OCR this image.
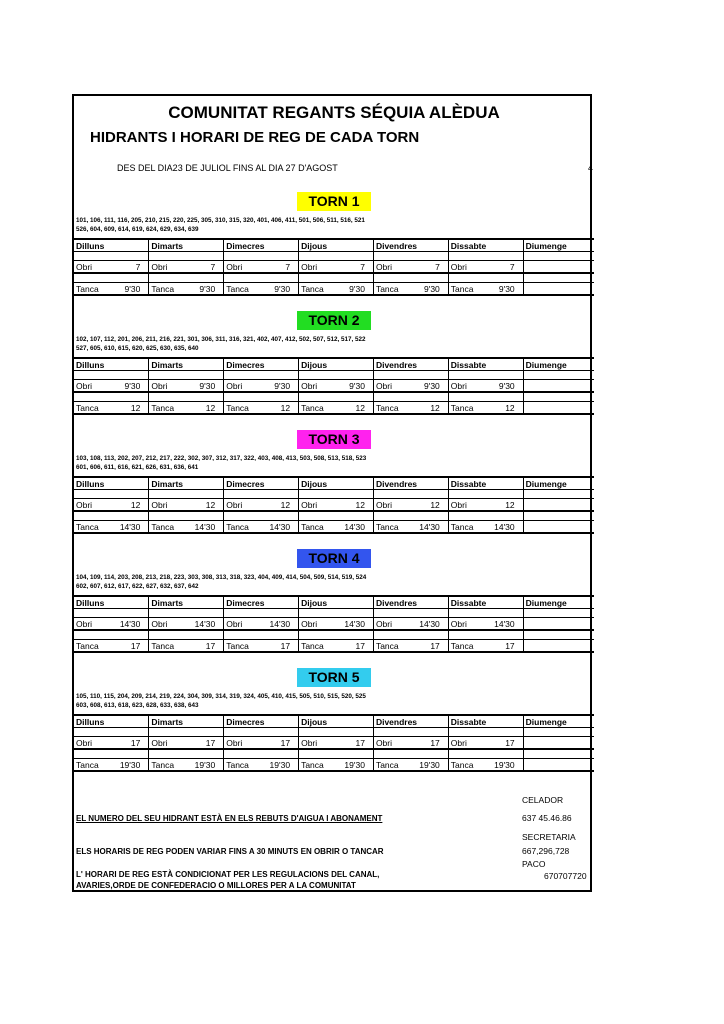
COMUNITAT REGANTS SÉQUIA ALÈDUA
HIDRANTS I HORARI DE REG DE CADA TORN
DES DEL DIA23 DE JULIOL FINS AL DIA 27 D'AGOST	4
TORN 1
101, 106, 111, 116, 205, 210, 215, 220, 225, 305, 310, 315, 320, 401, 406, 411, 501, 506, 511, 516, 521
526, 604, 609, 614, 619, 624, 629, 634, 639
Dilluns	Dimarts	Dimecres	Dijous	Divendres	Dissabte	Diumenge

Obri 7	Obri 7	Obri 7	Obri 7	Obri 7	Obri 7	

Tanca 9'30	Tanca 9'30	Tanca 9'30	Tanca 9'30	Tanca 9'30	Tanca 9'30	

TORN 2
102, 107, 112, 201, 206, 211, 216, 221, 301, 306, 311, 316, 321, 402, 407, 412, 502, 507, 512, 517, 522
527, 605, 610, 615, 620, 625, 630, 635, 640
Dilluns	Dimarts	Dimecres	Dijous	Divendres	Dissabte	Diumenge

Obri 9'30	Obri 9'30	Obri 9'30	Obri 9'30	Obri 9'30	Obri 9'30	

Tanca 12	Tanca 12	Tanca 12	Tanca 12	Tanca 12	Tanca 12	

TORN 3
103, 108, 113, 202, 207, 212, 217, 222, 302, 307, 312, 317, 322, 403, 408, 413, 503, 508, 513, 518, 523
601, 606, 611, 616, 621, 626, 631, 636, 641
Dilluns	Dimarts	Dimecres	Dijous	Divendres	Dissabte	Diumenge

Obri 12	Obri 12	Obri 12	Obri 12	Obri 12	Obri 12	

Tanca 14'30	Tanca 14'30	Tanca 14'30	Tanca 14'30	Tanca 14'30	Tanca 14'30	

TORN 4
104, 109, 114, 203, 208, 213, 218, 223, 303, 308, 313, 318, 323, 404, 409, 414, 504, 509, 514, 519, 524
602, 607, 612, 617, 622, 627, 632, 637, 642
Dilluns	Dimarts	Dimecres	Dijous	Divendres	Dissabte	Diumenge

Obri 14'30	Obri 14'30	Obri 14'30	Obri 14'30	Obri 14'30	Obri 14'30	

Tanca 17	Tanca 17	Tanca 17	Tanca 17	Tanca 17	Tanca 17	

TORN 5
105, 110, 115, 204, 209, 214, 219, 224, 304, 309, 314, 319, 324, 405, 410, 415, 505, 510, 515, 520, 525
603, 608, 613, 618, 623, 628, 633, 638, 643
Dilluns	Dimarts	Dimecres	Dijous	Divendres	Dissabte	Diumenge

Obri 17	Obri 17	Obri 17	Obri 17	Obri 17	Obri 17	

Tanca 19'30	Tanca 19'30	Tanca 19'30	Tanca 19'30	Tanca 19'30	Tanca 19'30	

CELADOR
EL NUMERO DEL SEU HIDRANT ESTÀ EN ELS REBUTS D'AIGUA I ABONAMENT	637 45.46.86
SECRETARIA
ELS HORARIS DE REG PODEN VARIAR FINS A 30 MINUTS EN OBRIR O TANCAR	667,296,728
PACO
670707720
L' HORARI DE REG ESTÀ CONDICIONAT PER LES REGULACIONS DEL CANAL,
AVARIES,ORDE DE CONFEDERACIO O MILLORES PER A LA COMUNITAT
